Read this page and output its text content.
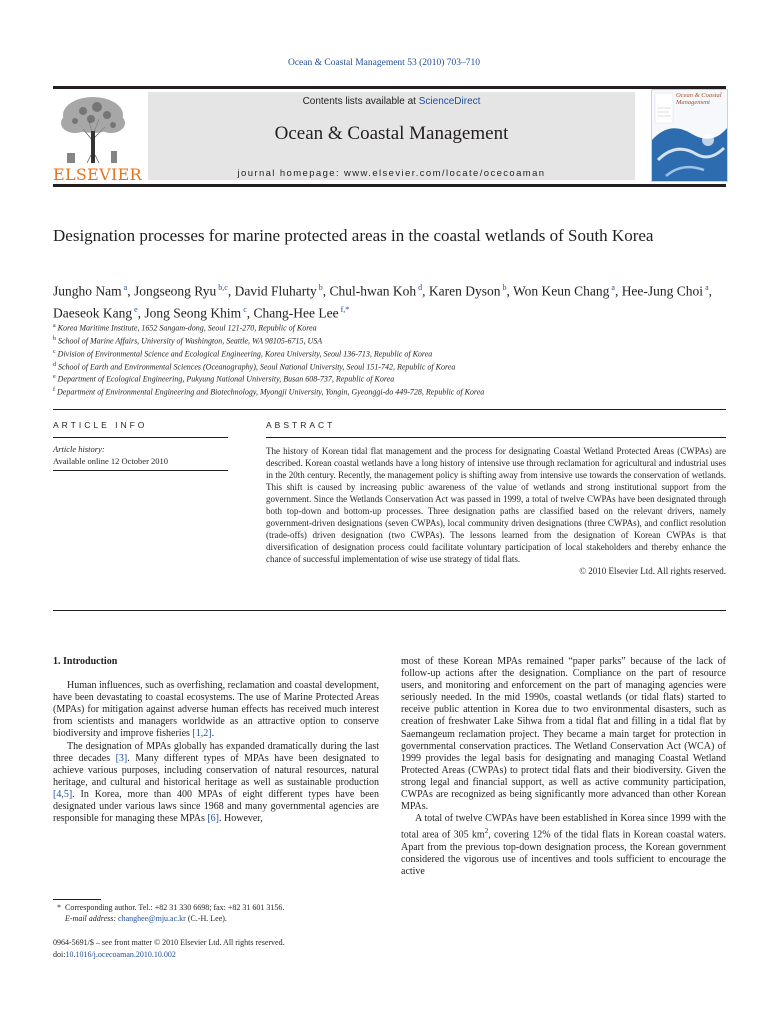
Ocean & Coastal Management 53 (2010) 703–710
ELSEVIER
Contents lists available at ScienceDirect
Ocean & Coastal Management
journal homepage: www.elsevier.com/locate/ocecoaman
Ocean & Coastal Management
Designation processes for marine protected areas in the coastal wetlands of South Korea
Jungho Nam $^a$, Jongseong Ryu $^{b,c}$, David Fluharty $^b$, Chul-hwan Koh $^d$, Karen Dyson $^b$, Won Keun Chang $^a$, Hee-Jung Choi $^a$, Daeseok Kang $^e$, Jong Seong Khim $^c$, Chang-Hee Lee $^{f,*}$
$^a$ Korea Maritime Institute, 1652 Sangam-dong, Seoul 121-270, Republic of Korea
$^b$ School of Marine Affairs, University of Washington, Seattle, WA 98105-6715, USA
$^c$ Division of Environmental Science and Ecological Engineering, Korea University, Seoul 136-713, Republic of Korea
$^d$ School of Earth and Environmental Sciences (Oceanography), Seoul National University, Seoul 151-742, Republic of Korea
$^e$ Department of Ecological Engineering, Pukyung National University, Busan 608-737, Republic of Korea
$^f$ Department of Environmental Engineering and Biotechnology, Myongji University, Yongin, Gyeonggi-do 449-728, Republic of Korea
ARTICLE INFO	ABSTRACT
Article history:
Available online 12 October 2010
The history of Korean tidal flat management and the process for designating Coastal Wetland Protected Areas (CWPAs) are described. Korean coastal wetlands have a long history of intensive use through reclamation for agricultural and industrial uses in the 20th century. Recently, the management policy is shifting away from intensive use towards the conservation of wetlands. This shift is caused by increasing public awareness of the value of wetlands and strong institutional support from the government. Since the Wetlands Conservation Act was passed in 1999, a total of twelve CWPAs have been designated through both top-down and bottom-up processes. Three designation paths are classified based on the relevant drivers, namely government-driven designations (seven CWPAs), local community driven designations (three CWPAs), and conflict resolution (trade-offs) driven designation (two CWPAs). The lessons learned from the designation of Korean CWPAs is that diversification of designation process could facilitate voluntary participation of local stakeholders and thereby enhance the chance of successful implementation of wise use strategy of tidal flats.
© 2010 Elsevier Ltd. All rights reserved.

1. Introduction

Human influences, such as overfishing, reclamation and coastal development, have been devastating to coastal ecosystems. The use of Marine Protected Areas (MPAs) for mitigation against adverse human effects has received much interest from scientists and managers worldwide as an attractive option to conserve biodiversity and improve fisheries [1,2].

The designation of MPAs globally has expanded dramatically during the last three decades [3]. Many different types of MPAs have been designated to achieve various purposes, including conservation of natural resources, natural heritage, and cultural and historical heritage as well as sustainable production [4,5]. In Korea, more than 400 MPAs of eight different types have been designated under various laws since 1968 and many governmental agencies are responsible for managing these MPAs [6]. However,

most of these Korean MPAs remained “paper parks” because of the lack of follow-up actions after the designation. Compliance on the part of resource users, and monitoring and enforcement on the part of managing agencies were seriously needed. In the mid 1990s, coastal wetlands (or tidal flats) started to receive public attention in Korea due to two environmental disasters, such as creation of freshwater Lake Sihwa from a tidal flat and filling in a tidal flat by Saemangeum reclamation project. They became a main target for protection in governmental conservation practices. The Wetland Conservation Act (WCA) of 1999 provides the legal basis for designating and managing Coastal Wetland Protected Areas (CWPAs) to protect tidal flats and their biodiversity. Given the strong legal and financial support, as well as active community participation, CWPAs are recognized as being significantly more advanced than other Korean MPAs.

A total of twelve CWPAs have been established in Korea since 1999 with the total area of 305 $km^2$, covering 12% of the tidal flats in Korean coastal waters. Apart from the previous top-down designation process, the Korean government considered the vigorous use of incentives and tools sufficient to encourage the active

* Corresponding author. Tel.: +82 31 330 6698; fax: +82 31 601 3156.
E-mail address: changhee@mju.ac.kr (C.-H. Lee).
0964-5691/$ – see front matter © 2010 Elsevier Ltd. All rights reserved.
doi:10.1016/j.ocecoaman.2010.10.002
